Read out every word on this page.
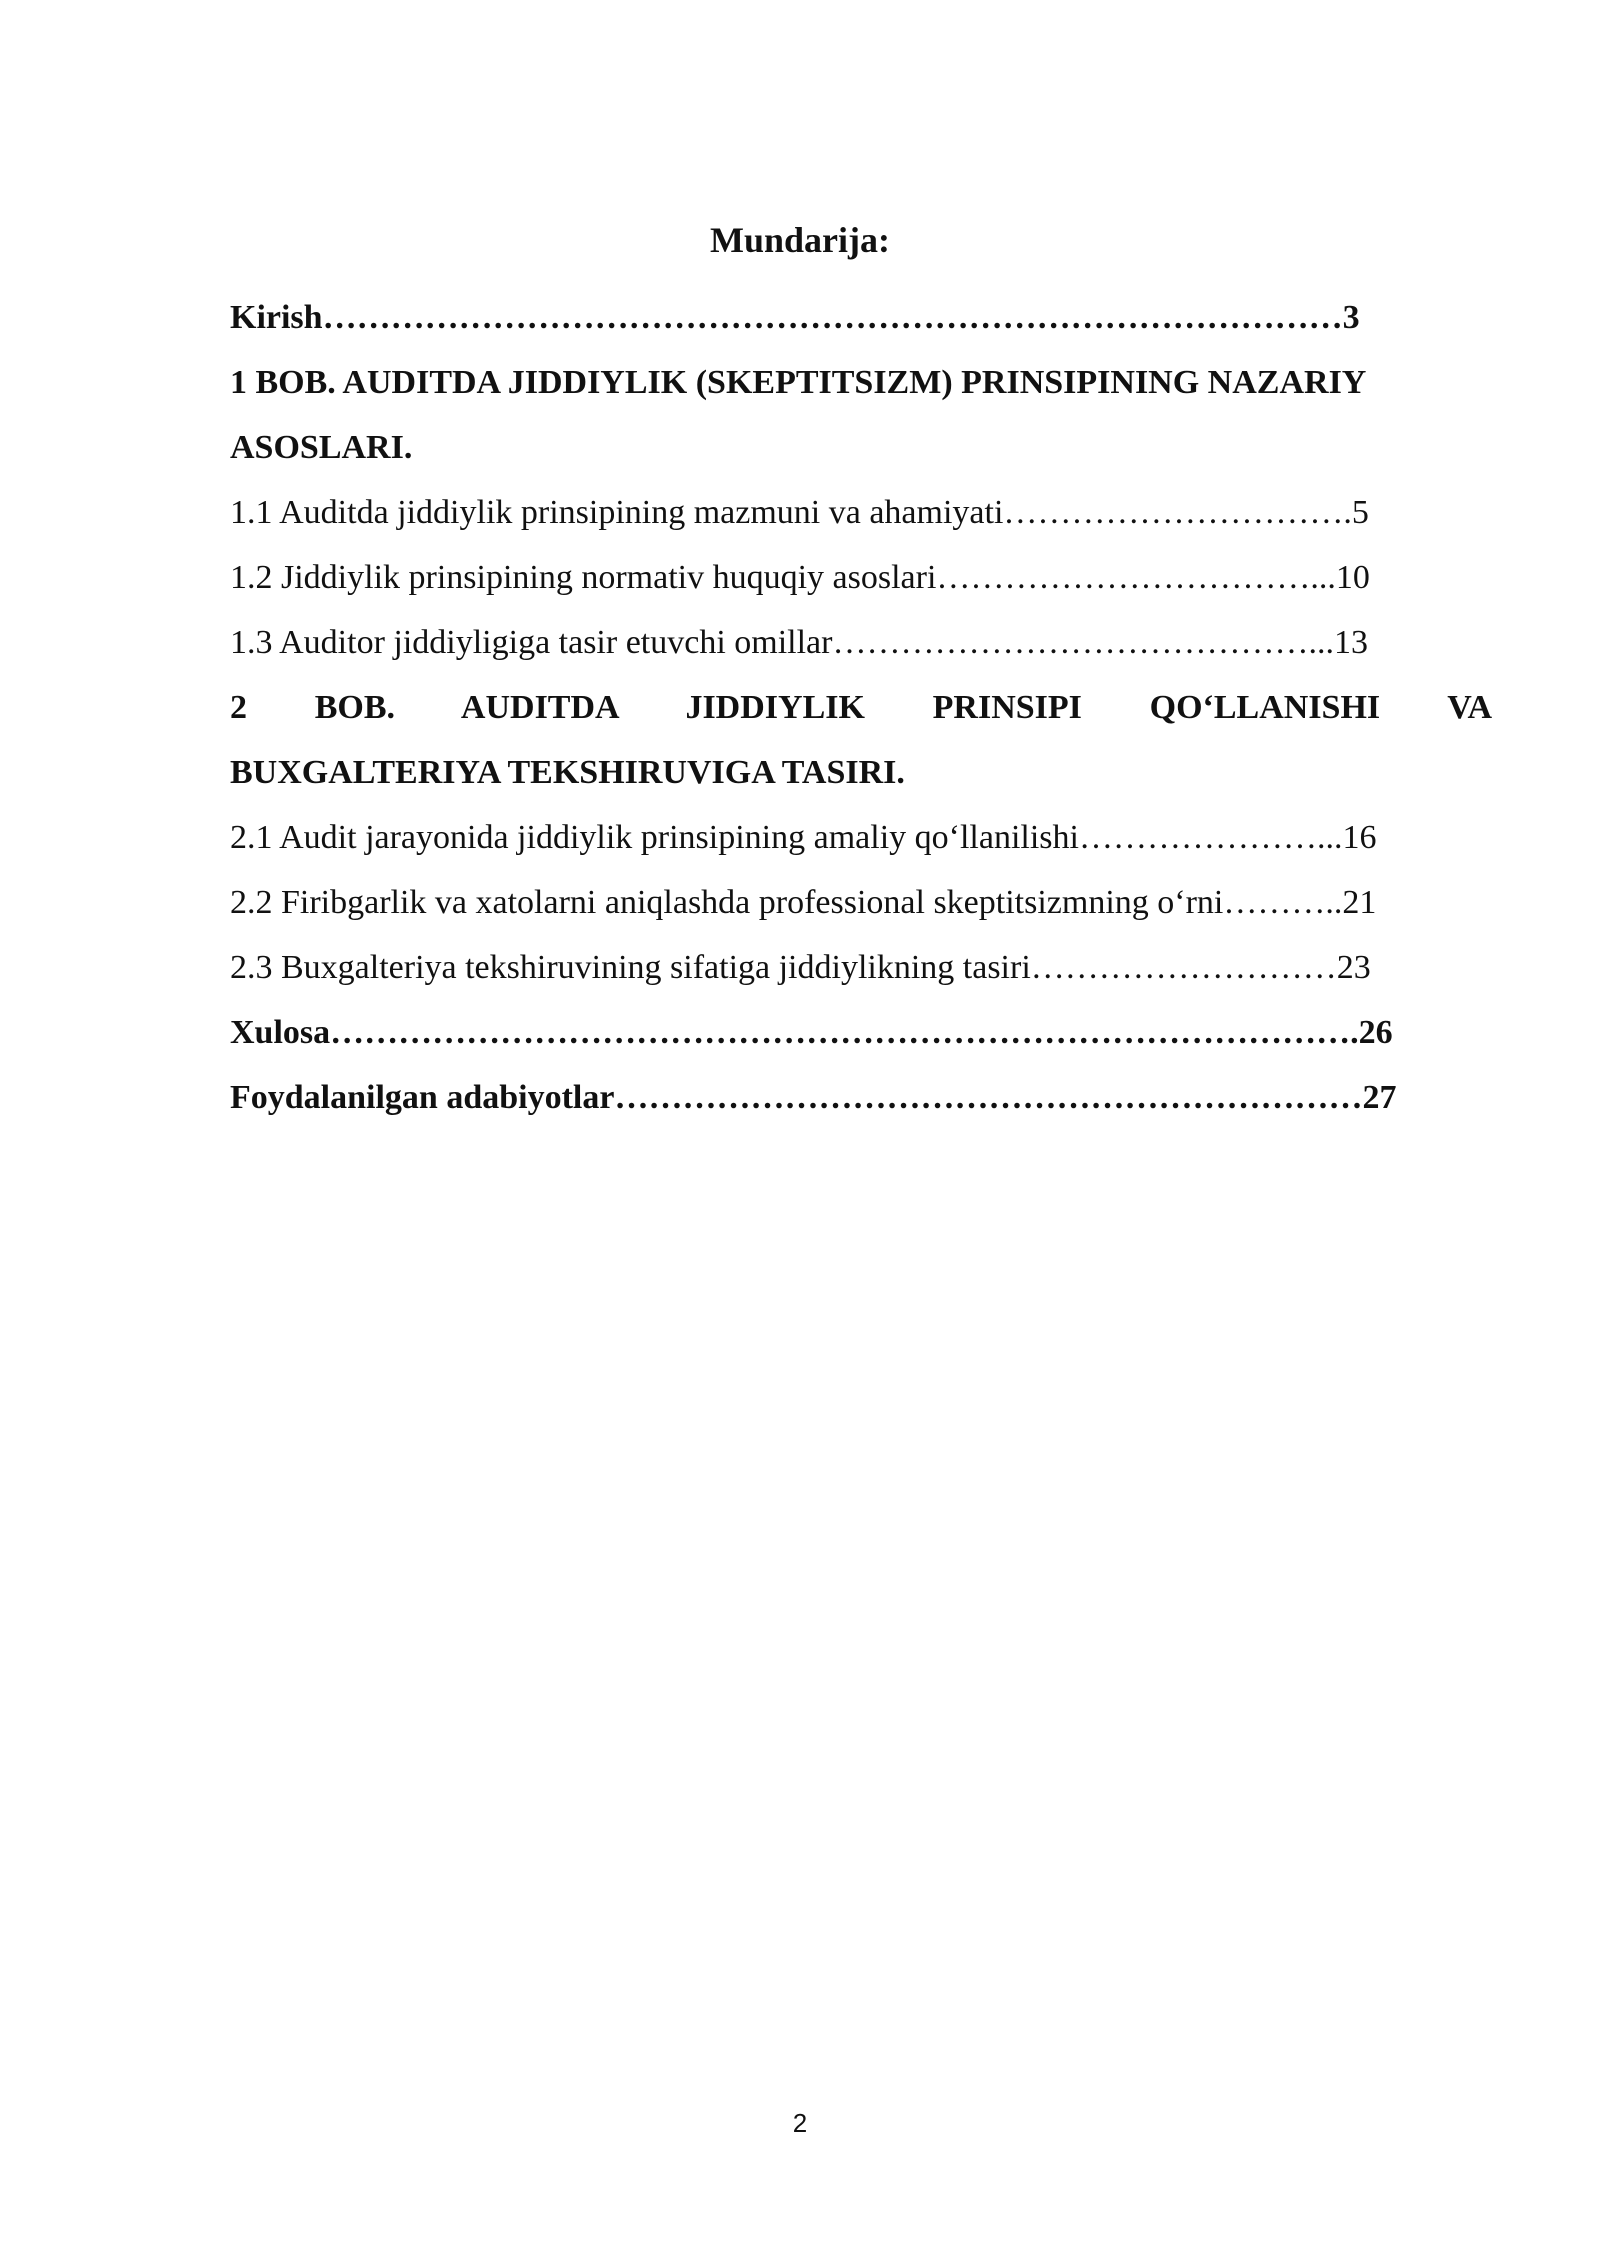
Mundarija:
Kirish………………………………………………………………………………3
1 BOB. AUDITDA JIDDIYLIK (SKEPTITSIZM) PRINSIPINING NAZARIY
ASOSLARI.
1.1 Auditda jiddiylik prinsipining mazmuni va ahamiyati………………………….5
1.2 Jiddiylik prinsipining normativ huquqiy asoslari……………………………...10
1.3 Auditor jiddiyligiga tasir etuvchi omillar……………………………………...13
2 BOB. AUDITDA JIDDIYLIK PRINSIPI QO‘LLANISHI VA
BUXGALTERIYA TEKSHIRUVIGA TASIRI.
2.1 Audit jarayonida jiddiylik prinsipining amaliy qo‘llanilishi…………………...16
2.2 Firibgarlik va xatolarni aniqlashda professional skeptitsizmning o‘rni………..21
2.3 Buxgalteriya tekshiruvining sifatiga jiddiylikning tasiri………………………23
Xulosa……………………………………………………………………………….26
Foydalanilgan adabiyotlar…………………………………………………………27
2
